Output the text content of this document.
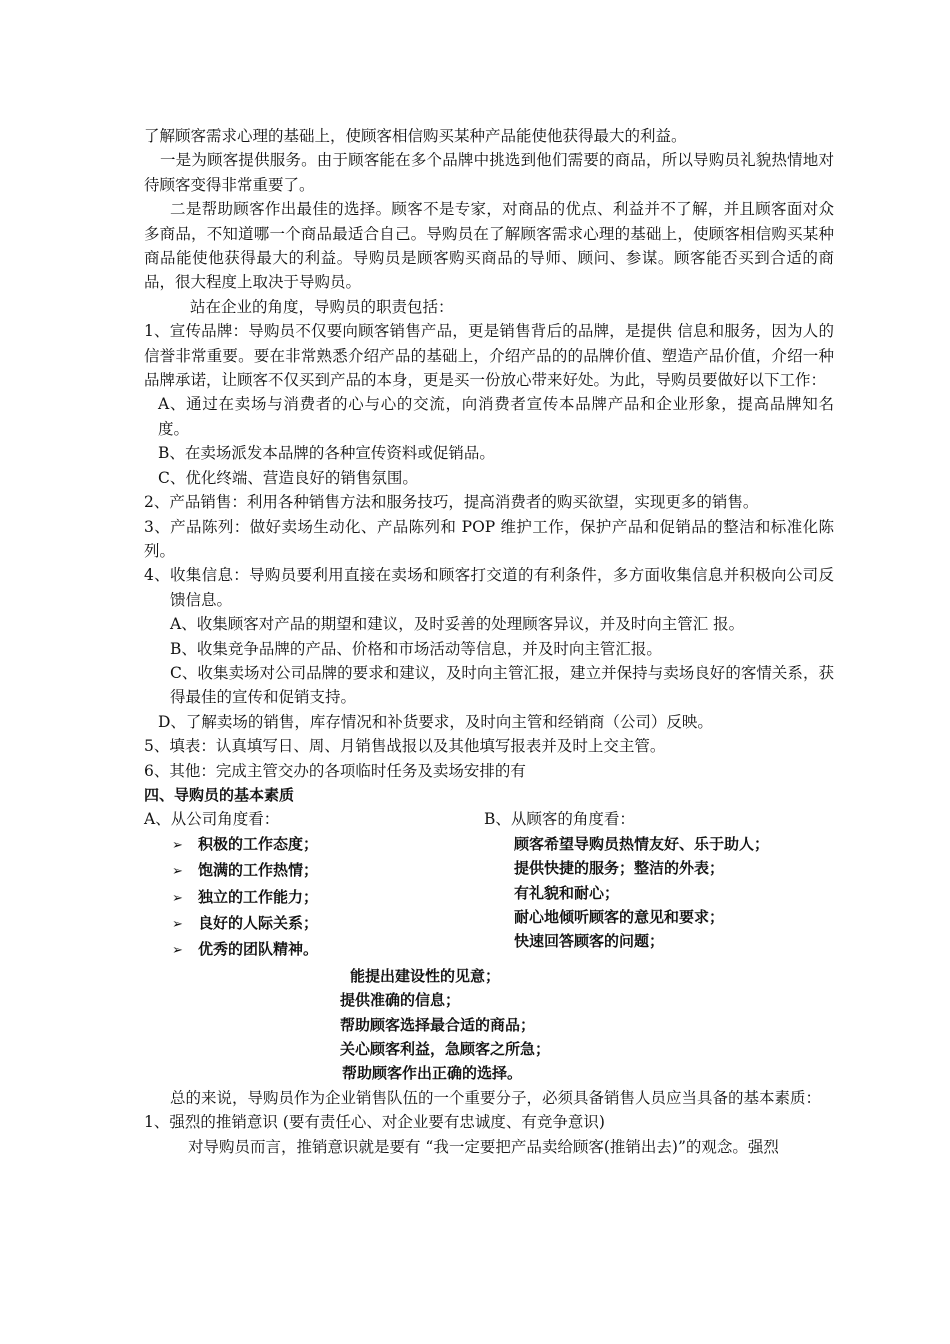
了解顾客需求心理的基础上，使顾客相信购买某种产品能使他获得最大的利益。

一是为顾客提供服务。由于顾客能在多个品牌中挑选到他们需要的商品，所以导购员礼貌热情地对待顾客变得非常重要了。

二是帮助顾客作出最佳的选择。顾客不是专家，对商品的优点、利益并不了解，并且顾客面对众多商品，不知道哪一个商品最适合自己。导购员在了解顾客需求心理的基础上，使顾客相信购买某种商品能使他获得最大的利益。导购员是顾客购买商品的导师、顾问、参谋。顾客能否买到合适的商品，很大程度上取决于导购员。

站在企业的角度，导购员的职责包括：

1、宣传品牌：导购员不仅要向顾客销售产品，更是销售背后的品牌，是提供 信息和服务，因为人的信誉非常重要。要在非常熟悉介绍产品的基础上，介绍产品的的品牌价值、塑造产品价值，介绍一种品牌承诺，让顾客不仅买到产品的本身，更是买一份放心带来好处。为此，导购员要做好以下工作：

A、通过在卖场与消费者的心与心的交流，向消费者宣传本品牌产品和企业形象，提高品牌知名度。

B、在卖场派发本品牌的各种宣传资料或促销品。

C、优化终端、营造良好的销售氛围。

2、产品销售：利用各种销售方法和服务技巧，提高消费者的购买欲望，实现更多的销售。

3、产品陈列：做好卖场生动化、产品陈列和 POP 维护工作，保护产品和促销品的整洁和标准化陈列。

4、收集信息：导购员要利用直接在卖场和顾客打交道的有利条件，多方面收集信息并积极向公司反馈信息。

A、收集顾客对产品的期望和建议，及时妥善的处理顾客异议，并及时向主管汇 报。

B、收集竞争品牌的产品、价格和市场活动等信息，并及时向主管汇报。

C、收集卖场对公司品牌的要求和建议，及时向主管汇报，建立并保持与卖场良好的客情关系，获得最佳的宣传和促销支持。

D、了解卖场的销售，库存情况和补货要求，及时向主管和经销商（公司）反映。

5、填表：认真填写日、周、月销售战报以及其他填写报表并及时上交主管。

6、其他：完成主管交办的各项临时任务及卖场安排的有

四、导购员的基本素质

A、从公司角度看：

➢	积极的工作态度；
➢	饱满的工作热情；
➢	独立的工作能力；
➢	良好的人际关系；
➢	优秀的团队精神。

B、从顾客的角度看：

顾客希望导购员热情友好、乐于助人；

提供快捷的服务；整洁的外表；

有礼貌和耐心；

耐心地倾听顾客的意见和要求；

快速回答顾客的问题；

能提出建设性的见意；

提供准确的信息；

帮助顾客选择最合适的商品；

关心顾客利益，急顾客之所急；

帮助顾客作出正确的选择。

总的来说，导购员作为企业销售队伍的一个重要分子，必须具备销售人员应当具备的基本素质：

1、强烈的推销意识 (要有责任心、对企业要有忠诚度、有竞争意识)

对导购员而言，推销意识就是要有 “我一定要把产品卖给顾客(推销出去)”的观念。强烈
